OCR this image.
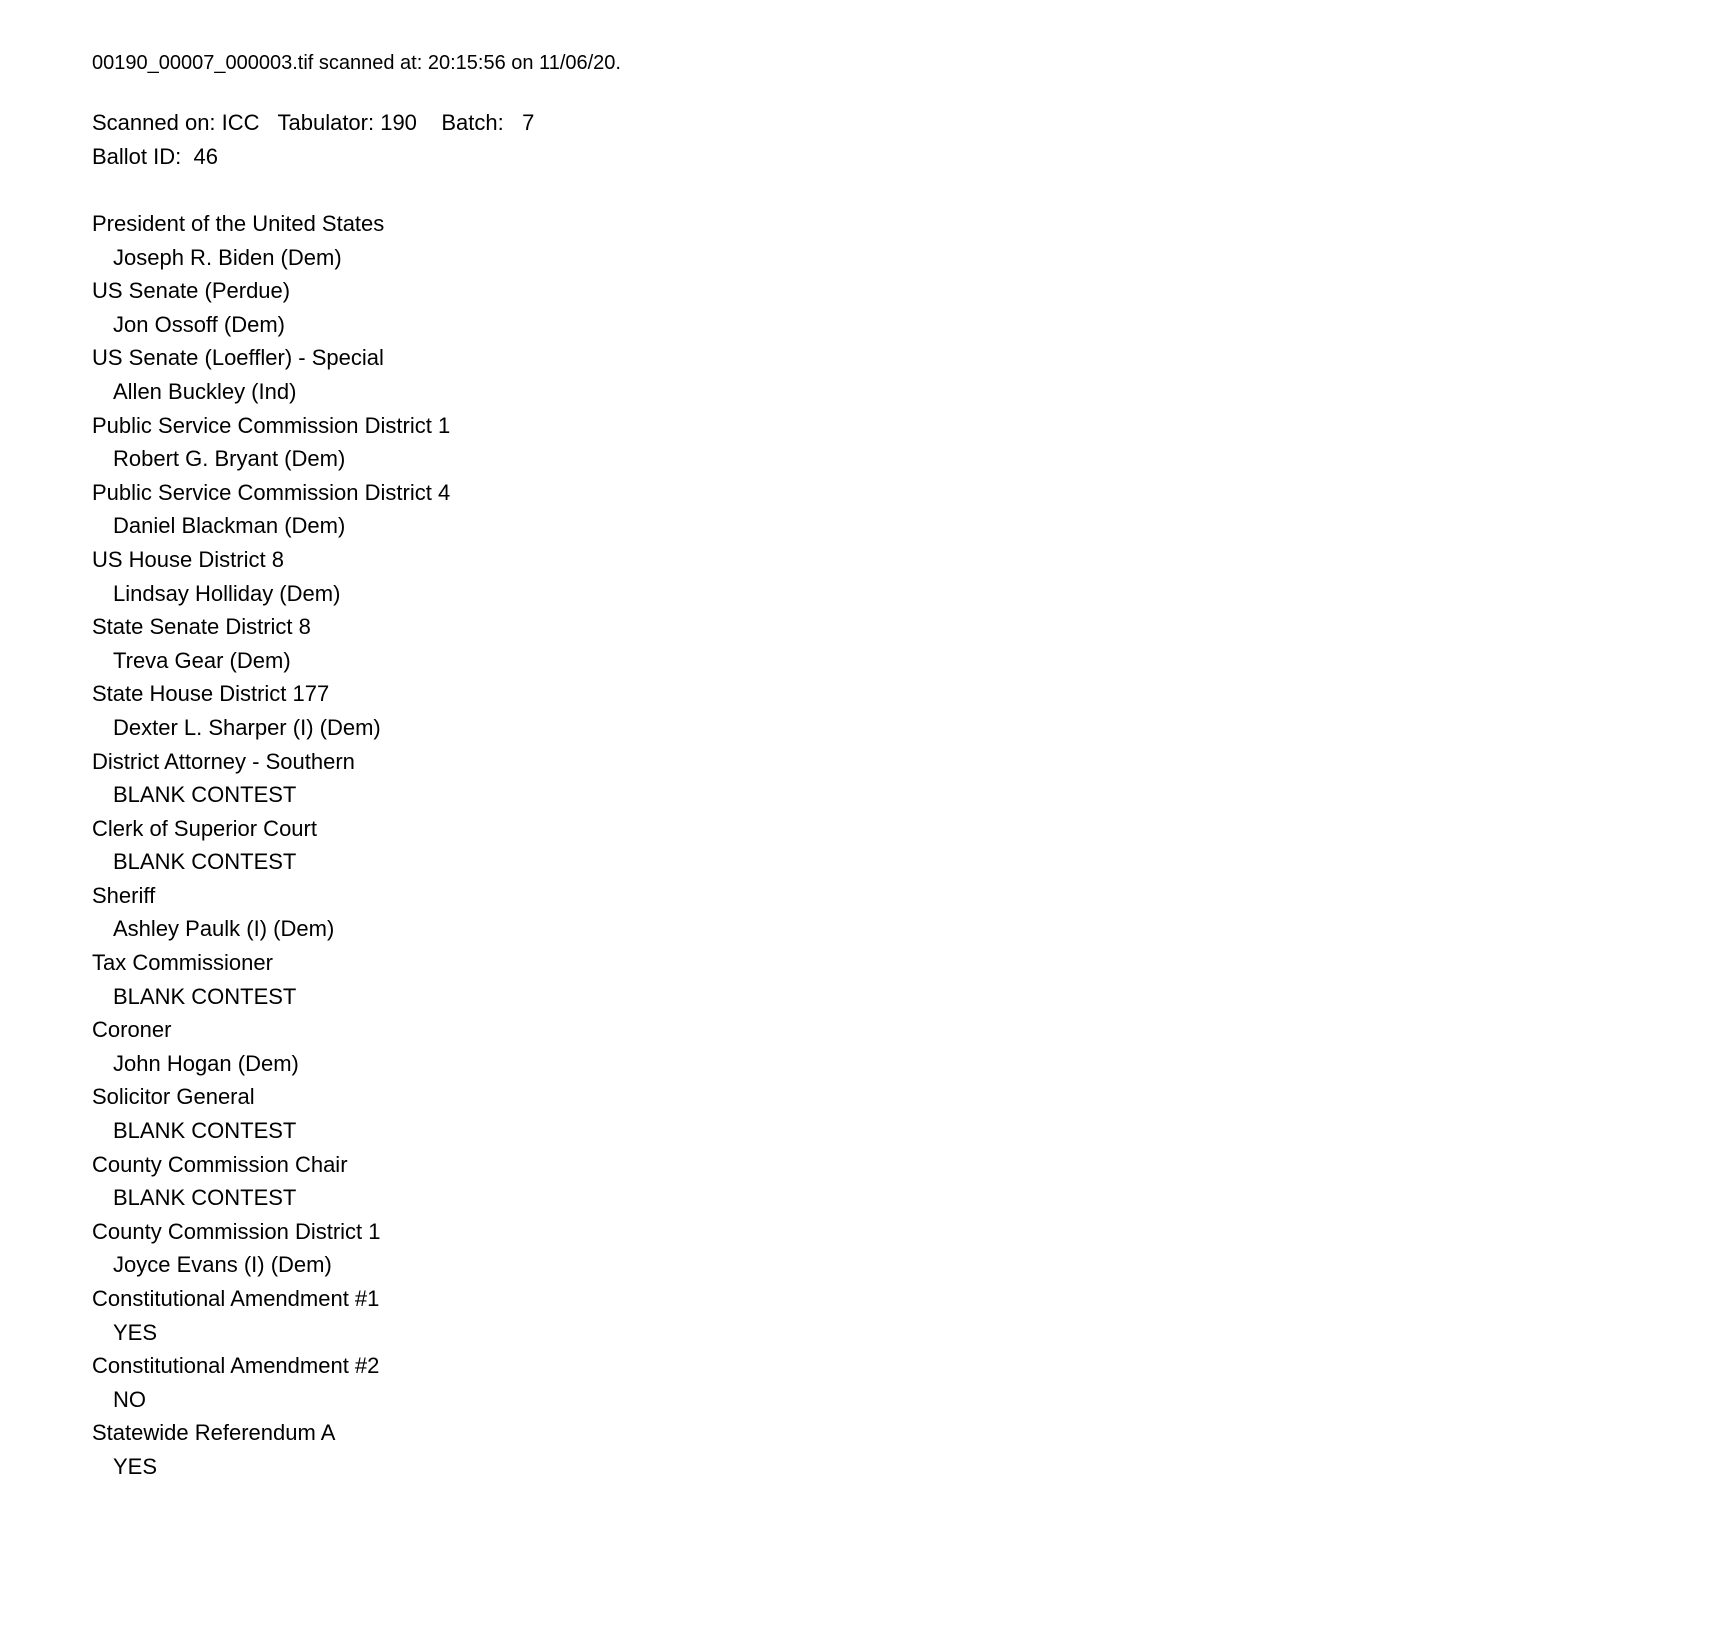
00190_00007_000003.tif scanned at: 20:15:56 on 11/06/20.
Scanned on: ICC   Tabulator: 190    Batch:   7
Ballot ID:  46
President of the United States
Joseph R. Biden (Dem)
US Senate (Perdue)
Jon Ossoff (Dem)
US Senate (Loeffler) - Special
Allen Buckley (Ind)
Public Service Commission District 1
Robert G. Bryant (Dem)
Public Service Commission District 4
Daniel Blackman (Dem)
US House District 8
Lindsay Holliday (Dem)
State Senate District 8
Treva Gear (Dem)
State House District 177
Dexter L. Sharper (I) (Dem)
District Attorney - Southern
BLANK CONTEST
Clerk of Superior Court
BLANK CONTEST
Sheriff
Ashley Paulk (I) (Dem)
Tax Commissioner
BLANK CONTEST
Coroner
John Hogan (Dem)
Solicitor General
BLANK CONTEST
County Commission Chair
BLANK CONTEST
County Commission District 1
Joyce Evans (I) (Dem)
Constitutional Amendment #1
YES
Constitutional Amendment #2
NO
Statewide Referendum A
YES
